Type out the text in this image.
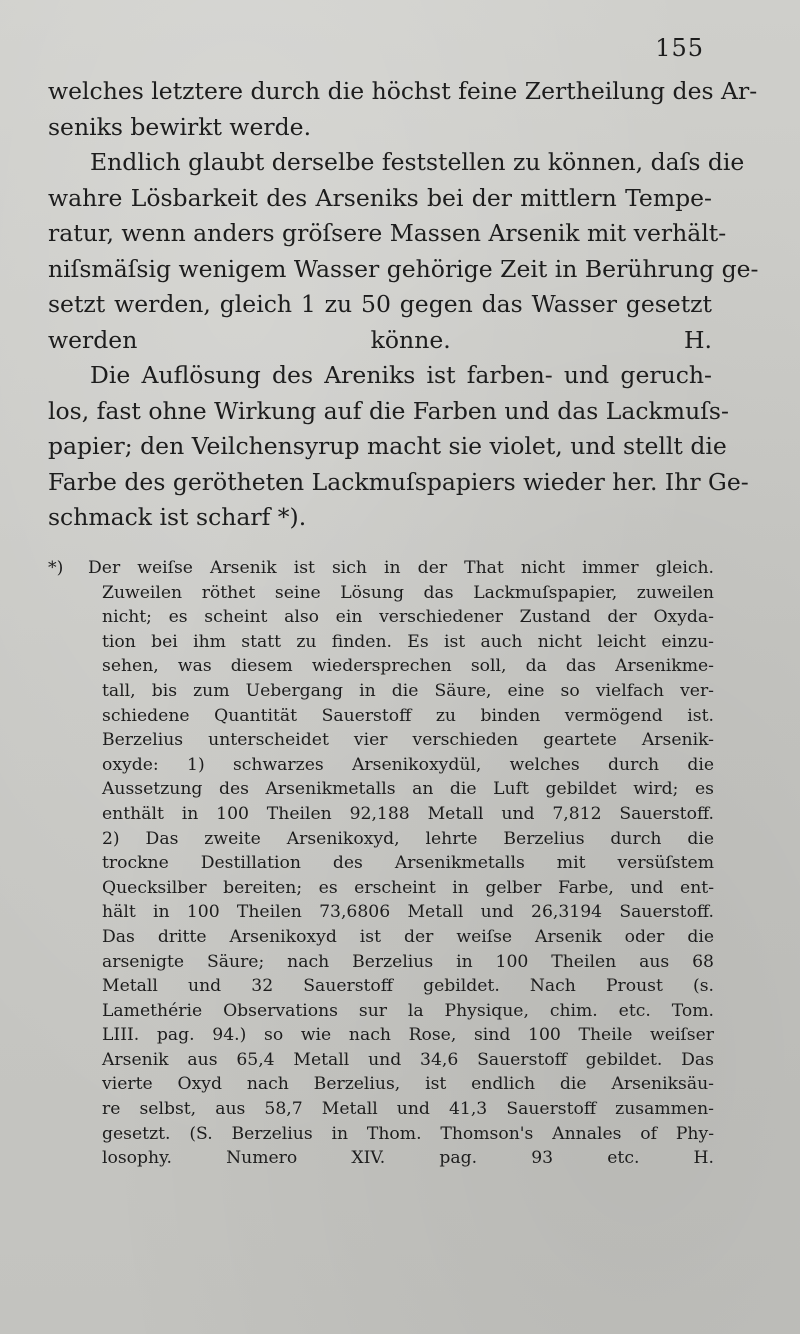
155
welches letztere durch die höchst feine Zertheilung des Ar-
seniks bewirkt werde.
Endlich glaubt derselbe feststellen zu können, daſs die
wahre Lösbarkeit des Arseniks bei der mittlern Tempe-
ratur, wenn anders gröſsere Massen Arsenik mit verhält-
niſsmäſsig wenigem Wasser gehörige Zeit in Berührung ge-
setzt werden, gleich 1 zu 50 gegen das Wasser gesetzt
werden könne. H.
Die Auflösung des Areniks ist farben- und geruch-
los, fast ohne Wirkung auf die Farben und das Lackmuſs-
papier; den Veilchensyrup macht sie violet, und stellt die
Farbe des gerötheten Lackmuſspapiers wieder her. Ihr Ge-
schmack ist scharf *).
*) Der weiſse Arsenik ist sich in der That nicht immer gleich.
Zuweilen röthet seine Lösung das Lackmuſspapier, zuweilen
nicht; es scheint also ein verschiedener Zustand der Oxyda-
tion bei ihm statt zu finden. Es ist auch nicht leicht einzu-
sehen, was diesem wiedersprechen soll, da das Arsenikme-
tall, bis zum Uebergang in die Säure, eine so vielfach ver-
schiedene Quantität Sauerstoff zu binden vermögend ist.
Berzelius unterscheidet vier verschieden geartete Arsenik-
oxyde: 1) schwarzes Arsenikoxydül, welches durch die
Aussetzung des Arsenikmetalls an die Luft gebildet wird; es
enthält in 100 Theilen 92,188 Metall und 7,812 Sauerstoff.
2) Das zweite Arsenikoxyd, lehrte Berzelius durch die
trockne Destillation des Arsenikmetalls mit versüſstem
Quecksilber bereiten; es erscheint in gelber Farbe, und ent-
hält in 100 Theilen 73,6806 Metall und 26,3194 Sauerstoff.
Das dritte Arsenikoxyd ist der weiſse Arsenik oder die
arsenigte Säure; nach Berzelius in 100 Theilen aus 68
Metall und 32 Sauerstoff gebildet. Nach Proust (s.
Lamethérie Observations sur la Physique, chim. etc. Tom.
LIII. pag. 94.) so wie nach Rose, sind 100 Theile weiſser
Arsenik aus 65,4 Metall und 34,6 Sauerstoff gebildet. Das
vierte Oxyd nach Berzelius, ist endlich die Arseniksäu-
re selbst, aus 58,7 Metall und 41,3 Sauerstoff zusammen-
gesetzt. (S. Berzelius in Thom. Thomson's Annales of Phy-
losophy. Numero XIV. pag. 93 etc. H.
